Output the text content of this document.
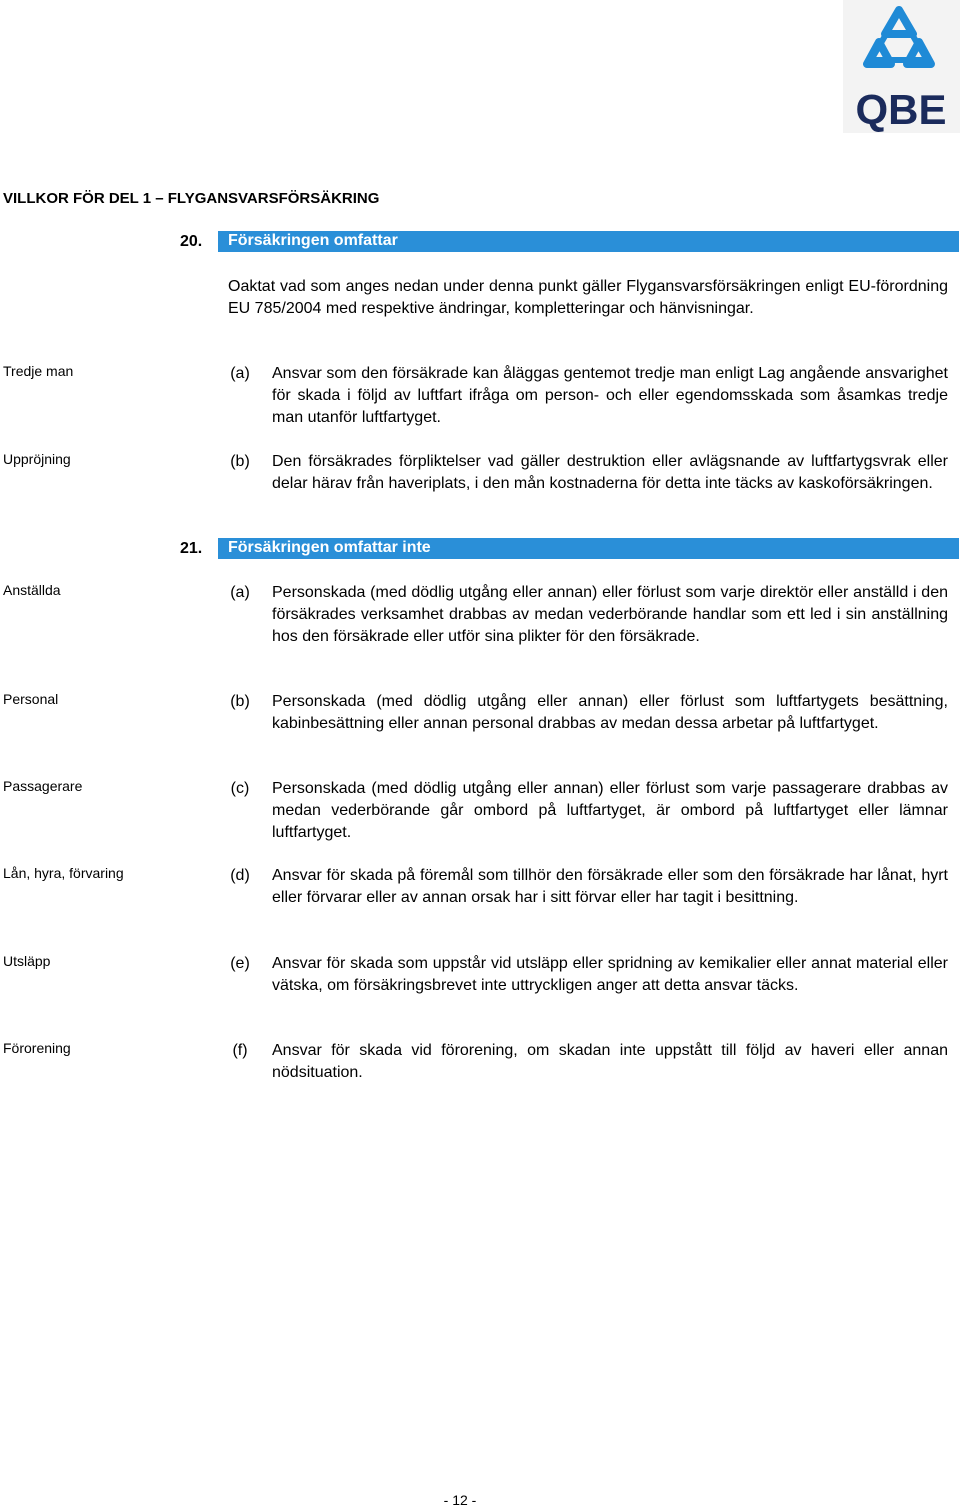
QBE
VILLKOR FÖR DEL 1 – FLYGANSVARSFÖRSÄKRING
20. Försäkringen omfattar
Oaktat vad som anges nedan under denna punkt gäller Flygansvarsförsäkringen enligt EU-förordning EU 785/2004 med respektive ändringar, kompletteringar och hänvisningar.
Tredje man	(a)	Ansvar som den försäkrade kan åläggas gentemot tredje man enligt Lag angående ansvarighet för skada i följd av luftfart ifråga om person- och eller egendomsskada som åsamkas tredje man utanför luftfartyget.
Uppröjning	(b)	Den försäkrades förpliktelser vad gäller destruktion eller avlägsnande av luftfartygsvrak eller delar härav från haveriplats, i den mån kostnaderna för detta inte täcks av kaskoförsäkringen.
21. Försäkringen omfattar inte
Anställda	(a)	Personskada (med dödlig utgång eller annan) eller förlust som varje direktör eller anställd i den försäkrades verksamhet drabbas av medan vederbörande handlar som ett led i sin anställning hos den försäkrade eller utför sina plikter för den försäkrade.
Personal	(b)	Personskada (med dödlig utgång eller annan) eller förlust som luftfartygets besättning, kabinbesättning eller annan personal drabbas av medan dessa arbetar på luftfartyget.
Passagerare	(c)	Personskada (med dödlig utgång eller annan) eller förlust som varje passagerare drabbas av medan vederbörande går ombord på luftfartyget, är ombord på luftfartyget eller lämnar luftfartyget.
Lån, hyra, förvaring	(d)	Ansvar för skada på föremål som tillhör den försäkrade eller som den försäkrade har lånat, hyrt eller förvarar eller av annan orsak har i sitt förvar eller har tagit i besittning.
Utsläpp	(e)	Ansvar för skada som uppstår vid utsläpp eller spridning av kemikalier eller annat material eller vätska, om försäkringsbrevet inte uttryckligen anger att detta ansvar täcks.
Förorening	(f)	Ansvar för skada vid förorening, om skadan inte uppstått till följd av haveri eller annan nödsituation.
- 12 -
